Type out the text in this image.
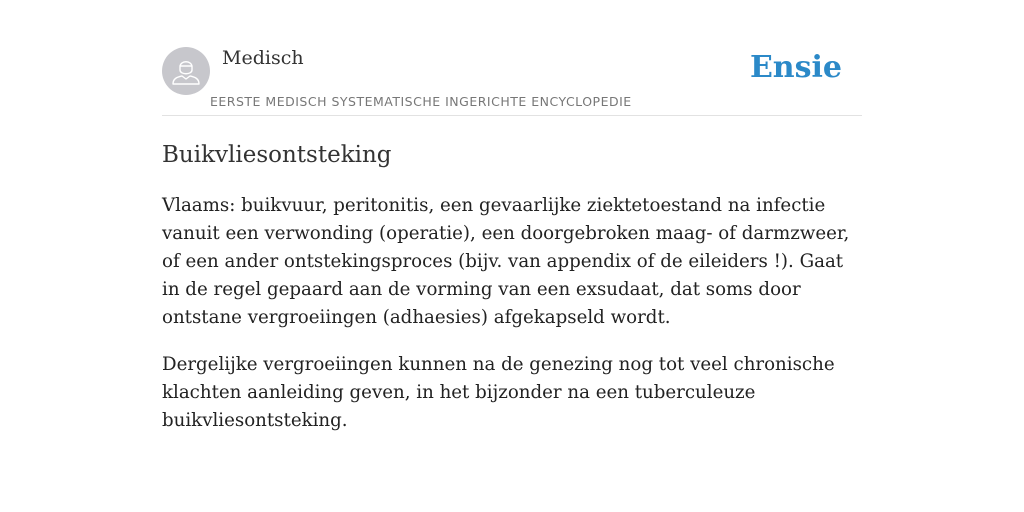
Medisch
EERSTE MEDISCH SYSTEMATISCHE INGERICHTE ENCYCLOPEDIE
Ensie
Buikvliesontsteking

Vlaams: buikvuur, peritonitis, een gevaarlijke ziektetoestand na infectie vanuit een verwonding (operatie), een doorgebroken maag- of darmzweer, of een ander ontstekingsproces (bijv. van appendix of de eileiders !). Gaat in de regel gepaard aan de vorming van een exsudaat, dat soms door ontstane vergroeiingen (adhaesies) afgekapseld wordt.

Dergelijke vergroeiingen kunnen na de genezing nog tot veel chronische klachten aanleiding geven, in het bijzonder na een tuberculeuze buikvliesontsteking.
